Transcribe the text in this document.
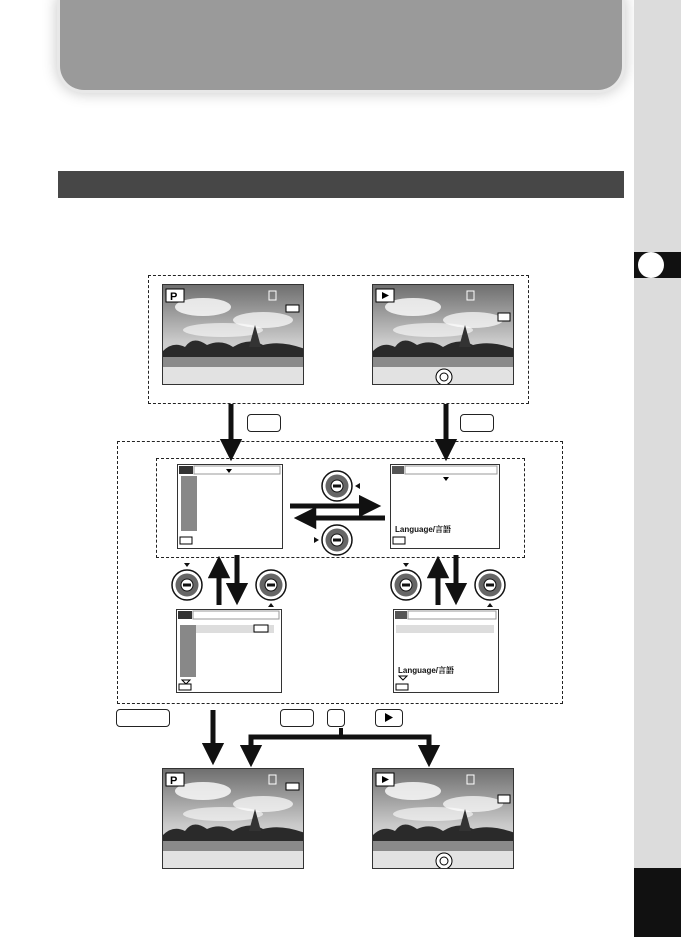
P
P
Language/言語
Language/言語
